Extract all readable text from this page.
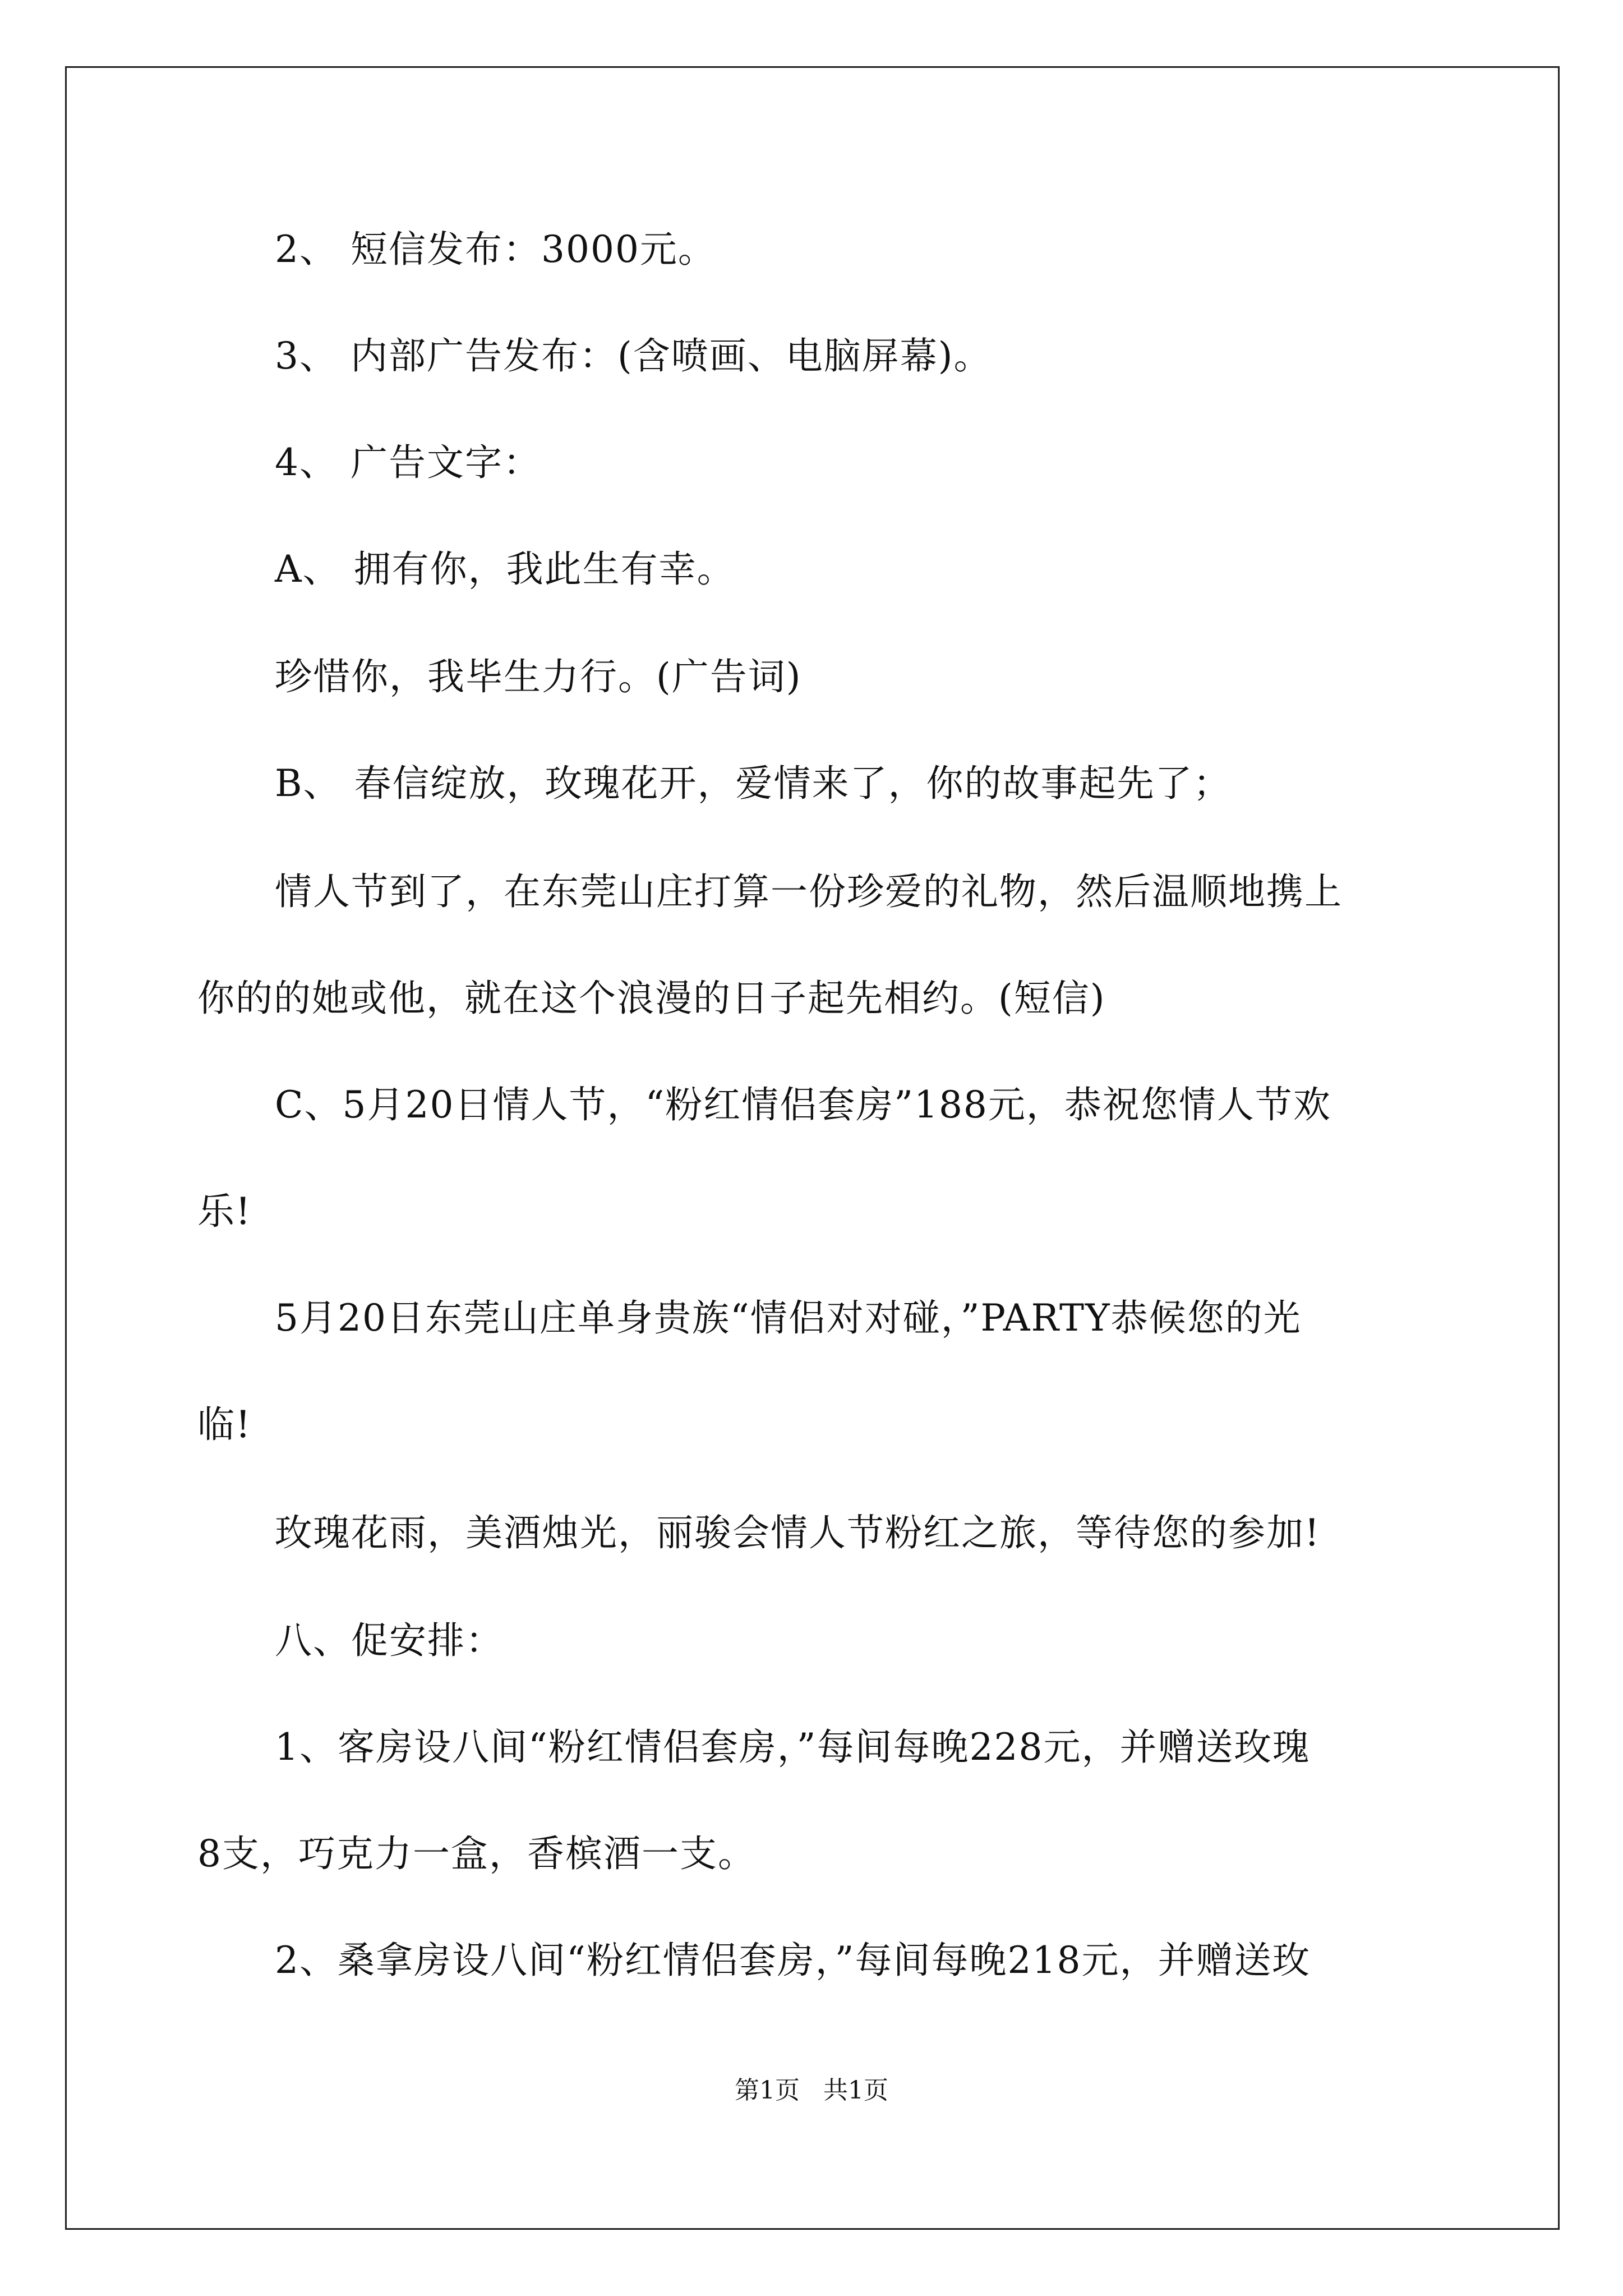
2、 短信发布：3000元。
3、 内部广告发布：(含喷画、电脑屏幕)。
4、 广告文字：
A、 拥有你，我此生有幸。
珍惜你，我毕生力行。(广告词)
B、 春信绽放，玫瑰花开，爱情来了，你的故事起先了；
情人节到了，在东莞山庄打算一份珍爱的礼物，然后温顺地携上
你的的她或他，就在这个浪漫的日子起先相约。(短信)
C、5月20日情人节，“粉红情侣套房”188元，恭祝您情人节欢
乐!
5月20日东莞山庄单身贵族“情侣对对碰，”PARTY恭候您的光
临!
玫瑰花雨，美酒烛光，丽骏会情人节粉红之旅，等待您的参加!
八、促安排：
1、客房设八间“粉红情侣套房，”每间每晚228元，并赠送玫瑰
8支，巧克力一盒，香槟酒一支。
2、桑拿房设八间“粉红情侣套房，”每间每晚218元，并赠送玫
第1页   共1页
